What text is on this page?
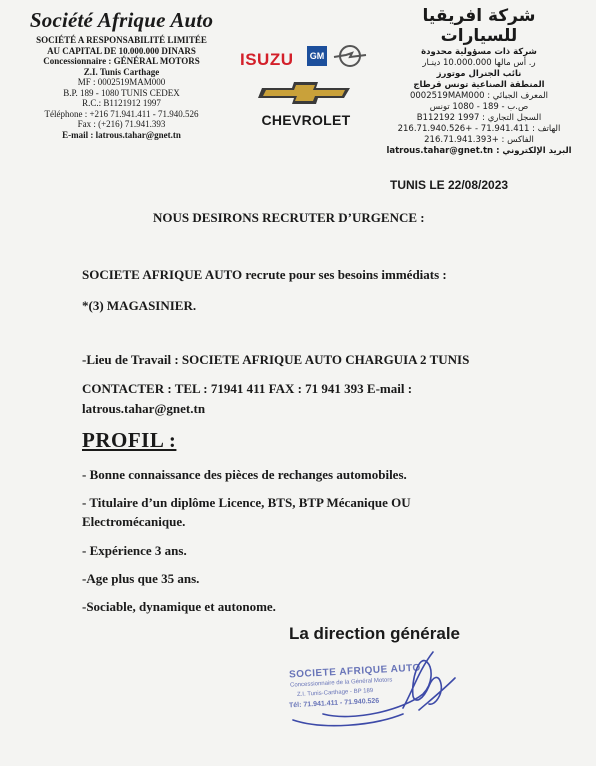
Société Afrique Auto
SOCIÉTÉ A RESPONSABILITÉ LIMITÉE
AU CAPITAL DE 10.000.000 DINARS
Concessionnaire : GÉNÉRAL MOTORS
Z.I. Tunis Carthage
MF : 0002519MAM000
B.P. 189 - 1080 TUNIS CEDEX
R.C.: B1121912 1997
Téléphone : +216 71.941.411 - 71.940.526
Fax : (+216) 71.941.393
E-mail : latrous.tahar@gnet.tn
ISUZU	GM
CHEVROLET
شركة افريقيا للسيارات
شركة ذات مسؤولية محدودة
ر. أس مالها 10.000.000 دينـار
نائب الجنرال موتورز
المنطقة الصناعية تونس قرطاج
المعرف الجبائي : 0002519MAM000
ص.ب - 189 - 1080 تونس
السجل التجاري : B112192 1997
الهاتف : 71.941.411 - +216.71.940.526
الفاكس : +216.71.941.393
البريد الإلكتروني : latrous.tahar@gnet.tn
TUNIS LE 22/08/2023
NOUS DESIRONS RECRUTER D’URGENCE :
SOCIETE AFRIQUE AUTO recrute pour ses besoins immédiats :
*(3) MAGASINIER.
-Lieu de Travail : SOCIETE AFRIQUE AUTO CHARGUIA 2 TUNIS
CONTACTER : TEL : 71941 411 FAX : 71 941 393 E-mail :
latrous.tahar@gnet.tn
PROFIL :
- Bonne connaissance des pièces de rechanges automobiles.
- Titulaire d’un diplôme Licence, BTS, BTP Mécanique OU
Electromécanique.
- Expérience 3 ans.
-Age plus que 35 ans.
-Sociable, dynamique et autonome.
La direction générale
SOCIETE AFRIQUE AUTO
Concessionnaire de la Général Motors
Z.I. Tunis-Carthage - BP 189
Tél: 71.941.411 - 71.940.526
